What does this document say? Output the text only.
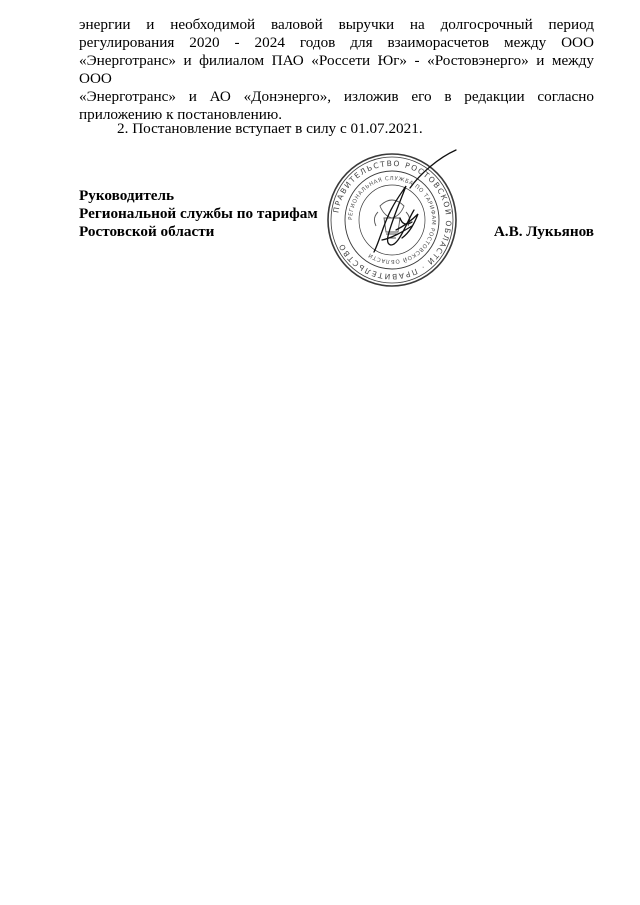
энергии и необходимой валовой выручки на долгосрочный период

регулирования 2020 - 2024 годов для взаиморасчетов между ООО

«Энерготранс» и филиалом ПАО «Россети Юг» - «Ростовэнерго» и между ООО

«Энерготранс» и АО «Донэнерго», изложив его в редакции согласно

приложению к постановлению.

2. Постановление вступает в силу с 01.07.2021.

Руководитель
Региональной службы по тарифам
Ростовской области
ПРАВИТЕЛЬСТВО РОСТОВСКОЙ ОБЛАСТИ · ПРАВИТЕЛЬСТВО
РЕГИОНАЛЬНАЯ СЛУЖБА ПО ТАРИФАМ РОСТОВСКОЙ ОБЛАСТИ
А.В. Лукьянов
